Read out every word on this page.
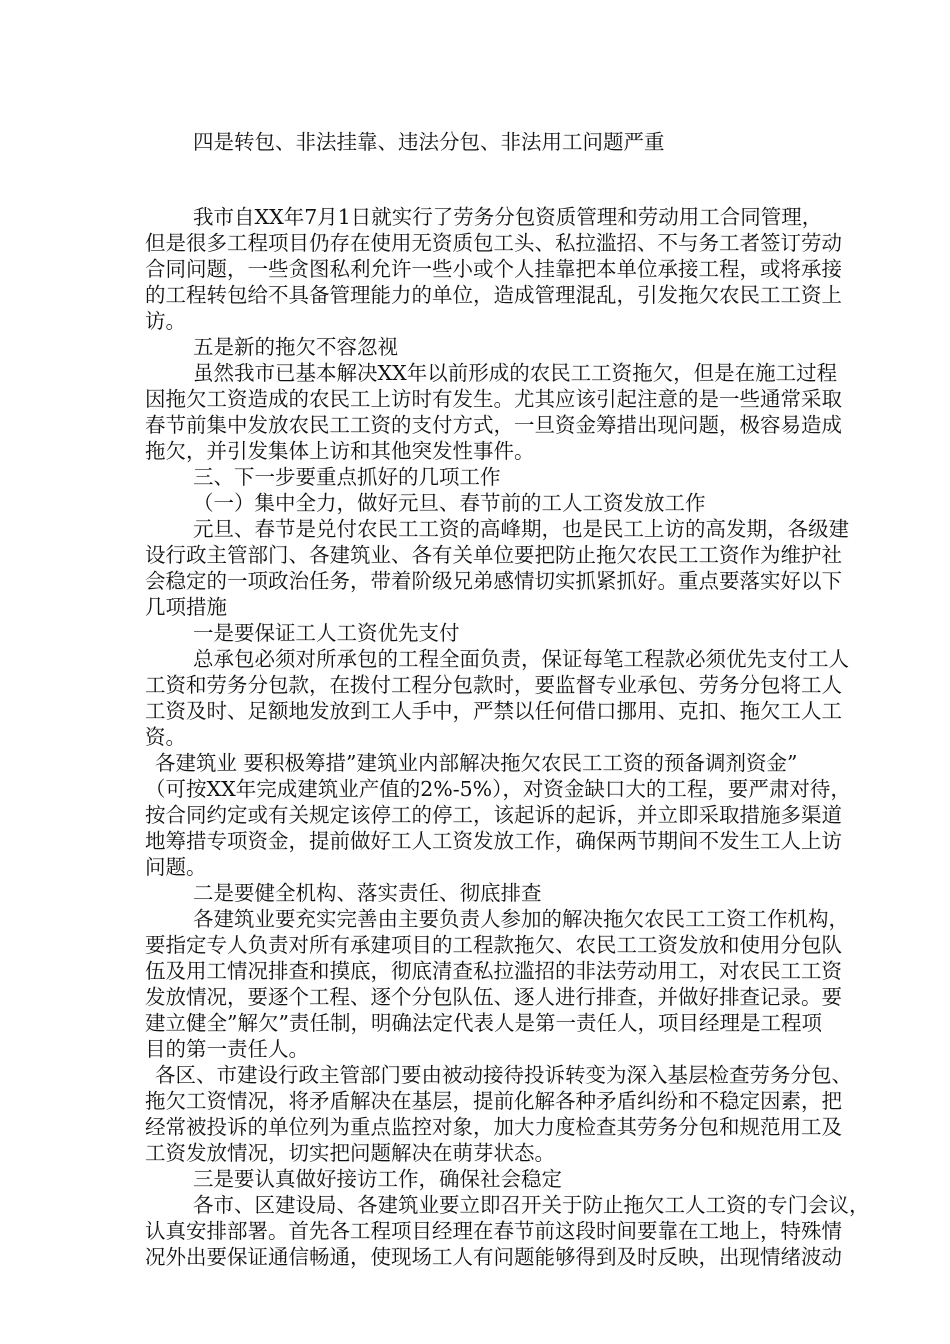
四是转包、非法挂靠、违法分包、非法用工问题严重
我市自XX年7月1日就实行了劳务分包资质管理和劳动用工合同管理，
但是很多工程项目仍存在使用无资质包工头、私拉滥招、不与务工者签订劳动
合同问题，一些贪图私利允许一些小或个人挂靠把本单位承接工程，或将承接
的工程转包给不具备管理能力的单位，造成管理混乱，引发拖欠农民工工资上
访。
五是新的拖欠不容忽视
虽然我市已基本解决XX年以前形成的农民工工资拖欠，但是在施工过程
因拖欠工资造成的农民工上访时有发生。尤其应该引起注意的是一些通常采取
春节前集中发放农民工工资的支付方式，一旦资金筹措出现问题，极容易造成
拖欠，并引发集体上访和其他突发性事件。
三、下一步要重点抓好的几项工作
（一）集中全力，做好元旦、春节前的工人工资发放工作
元旦、春节是兑付农民工工资的高峰期，也是民工上访的高发期，各级建
设行政主管部门、各建筑业、各有关单位要把防止拖欠农民工工资作为维护社
会稳定的一项政治任务，带着阶级兄弟感情切实抓紧抓好。重点要落实好以下
几项措施
一是要保证工人工资优先支付
总承包必须对所承包的工程全面负责，保证每笔工程款必须优先支付工人
工资和劳务分包款，在拨付工程分包款时，要监督专业承包、劳务分包将工人
工资及时、足额地发放到工人手中，严禁以任何借口挪用、克扣、拖欠工人工
资。
各建筑业 要积极筹措”建筑业内部解决拖欠农民工工资的预备调剂资金”
（可按XX年完成建筑业产值的2%-5%），对资金缺口大的工程，要严肃对待，
按合同约定或有关规定该停工的停工，该起诉的起诉，并立即采取措施多渠道
地筹措专项资金，提前做好工人工资发放工作，确保两节期间不发生工人上访
问题。
二是要健全机构、落实责任、彻底排查
各建筑业要充实完善由主要负责人参加的解决拖欠农民工工资工作机构，
要指定专人负责对所有承建项目的工程款拖欠、农民工工资发放和使用分包队
伍及用工情况排查和摸底，彻底清查私拉滥招的非法劳动用工，对农民工工资
发放情况，要逐个工程、逐个分包队伍、逐人进行排查，并做好排查记录。要
建立健全”解欠”责任制，明确法定代表人是第一责任人，项目经理是工程项
目的第一责任人。
各区、市建设行政主管部门要由被动接待投诉转变为深入基层检查劳务分包、
拖欠工资情况，将矛盾解决在基层，提前化解各种矛盾纠纷和不稳定因素，把
经常被投诉的单位列为重点监控对象，加大力度检查其劳务分包和规范用工及
工资发放情况，切实把问题解决在萌芽状态。
三是要认真做好接访工作，确保社会稳定
各市、区建设局、各建筑业要立即召开关于防止拖欠工人工资的专门会议，
认真安排部署。首先各工程项目经理在春节前这段时间要靠在工地上，特殊情
况外出要保证通信畅通，使现场工人有问题能够得到及时反映，出现情绪波动
